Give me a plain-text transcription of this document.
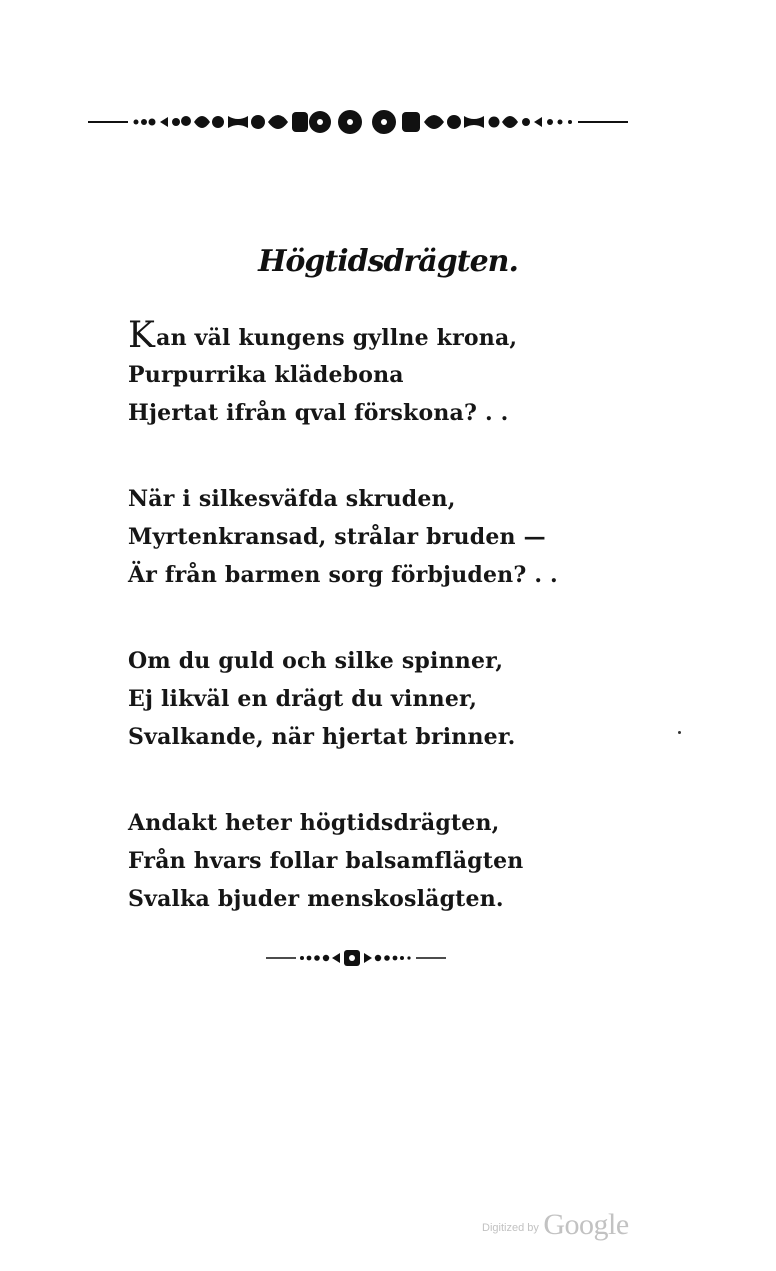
Högtidsdrägten.
Kan väl kungens gyllne krona,
Purpurrika klädebona
Hjertat ifrån qval förskona? . .
När i silkesväfda skruden,
Myrtenkransad, strålar bruden —
Är från barmen sorg förbjuden? . .
Om du guld och silke spinner,
Ej likväl en drägt du vinner,
Svalkande, när hjertat brinner.
Andakt heter högtidsdrägten,
Från hvars follar balsamflägten
Svalka bjuder menskoslägten.
Digitized by Google
